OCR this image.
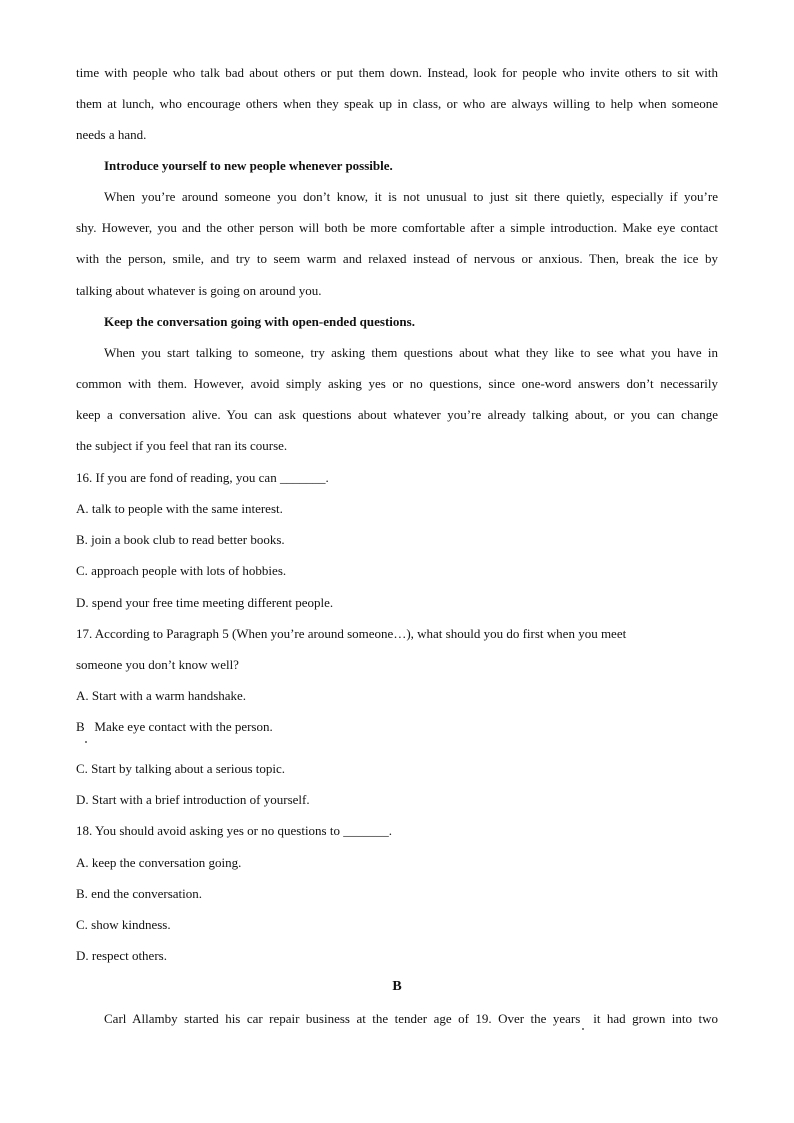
time with people who talk bad about others or put them down. Instead, look for people who invite others to sit with
them at lunch, who encourage others when they speak up in class, or who are always willing to help when someone
needs a hand.
Introduce yourself to new people whenever possible.
When you’re around someone you don’t know, it is not unusual to just sit there quietly, especially if you’re
shy. However, you and the other person will both be more comfortable after a simple introduction. Make eye contact
with the person, smile, and try to seem warm and relaxed instead of nervous or anxious. Then, break the ice by
talking about whatever is going on around you.
Keep the conversation going with open-ended questions.
When you start talking to someone, try asking them questions about what they like to see what you have in
common with them. However, avoid simply asking yes or no questions, since one-word answers don’t necessarily
keep a conversation alive. You can ask questions about whatever you’re already talking about, or you can change
the subject if you feel that ran its course.
16. If you are fond of reading, you can _______.
A. talk to people with the same interest.
B. join a book club to read better books.
C. approach people with lots of hobbies.
D. spend your free time meeting different people.
17. According to Paragraph 5 (When you’re around someone…), what should you do first when you meet
someone you don’t know well?
A. Start with a warm handshake.
B   Make eye contact with the person.
C. Start by talking about a serious topic.
D. Start with a brief introduction of yourself.
18. You should avoid asking yes or no questions to _______.
A. keep the conversation going.
B. end the conversation.
C. show kindness.
D. respect others.
B
Carl Allamby started his car repair business at the tender age of 19. Over the years  it had grown into two
